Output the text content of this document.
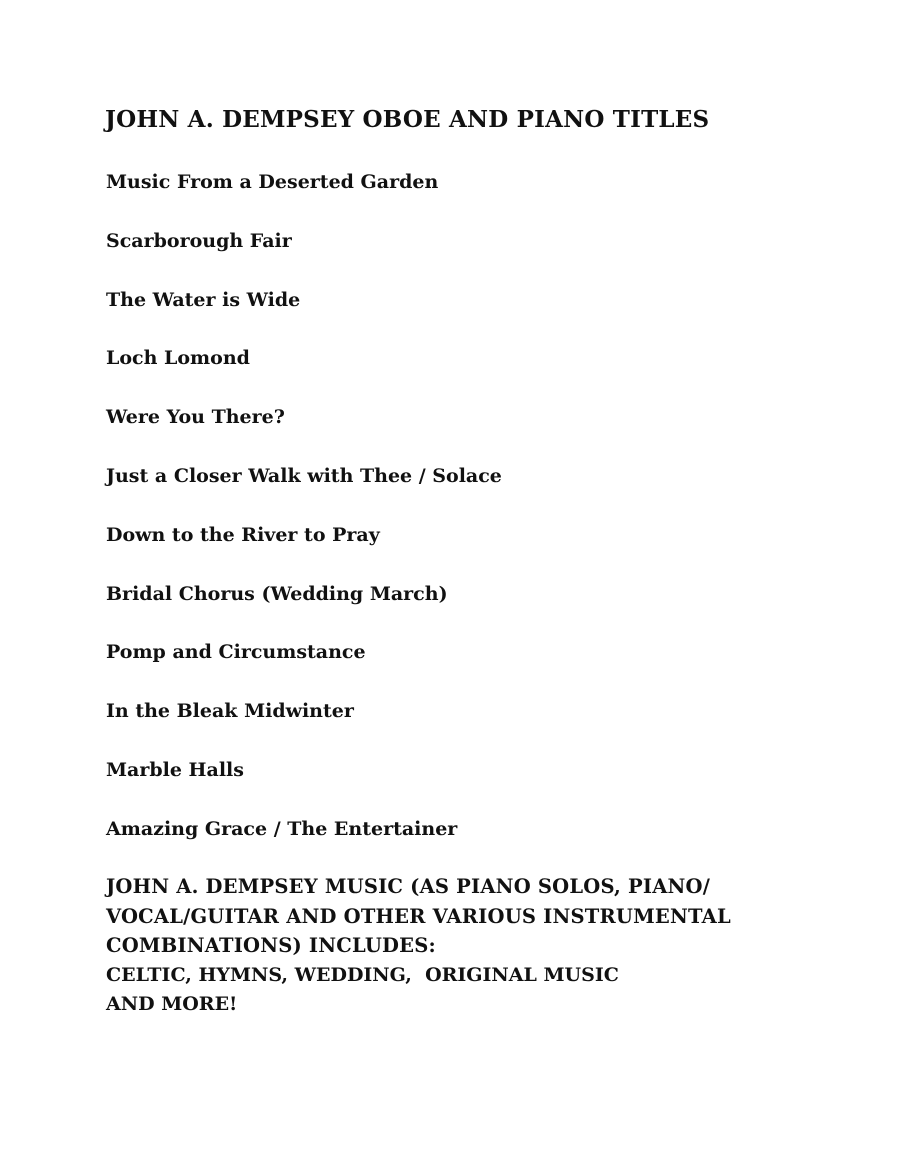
JOHN A. DEMPSEY OBOE AND PIANO TITLES
Music From a Deserted Garden
Scarborough Fair
The Water is Wide
Loch Lomond
Were You There?
Just a Closer Walk with Thee / Solace
Down to the River to Pray
Bridal Chorus (Wedding March)
Pomp and Circumstance
In the Bleak Midwinter
Marble Halls
Amazing Grace / The Entertainer
JOHN A. DEMPSEY MUSIC (AS PIANO SOLOS, PIANO/
VOCAL/GUITAR AND OTHER VARIOUS INSTRUMENTAL
COMBINATIONS) INCLUDES:

CELTIC, HYMNS, WEDDING,  ORIGINAL MUSIC
AND MORE!
